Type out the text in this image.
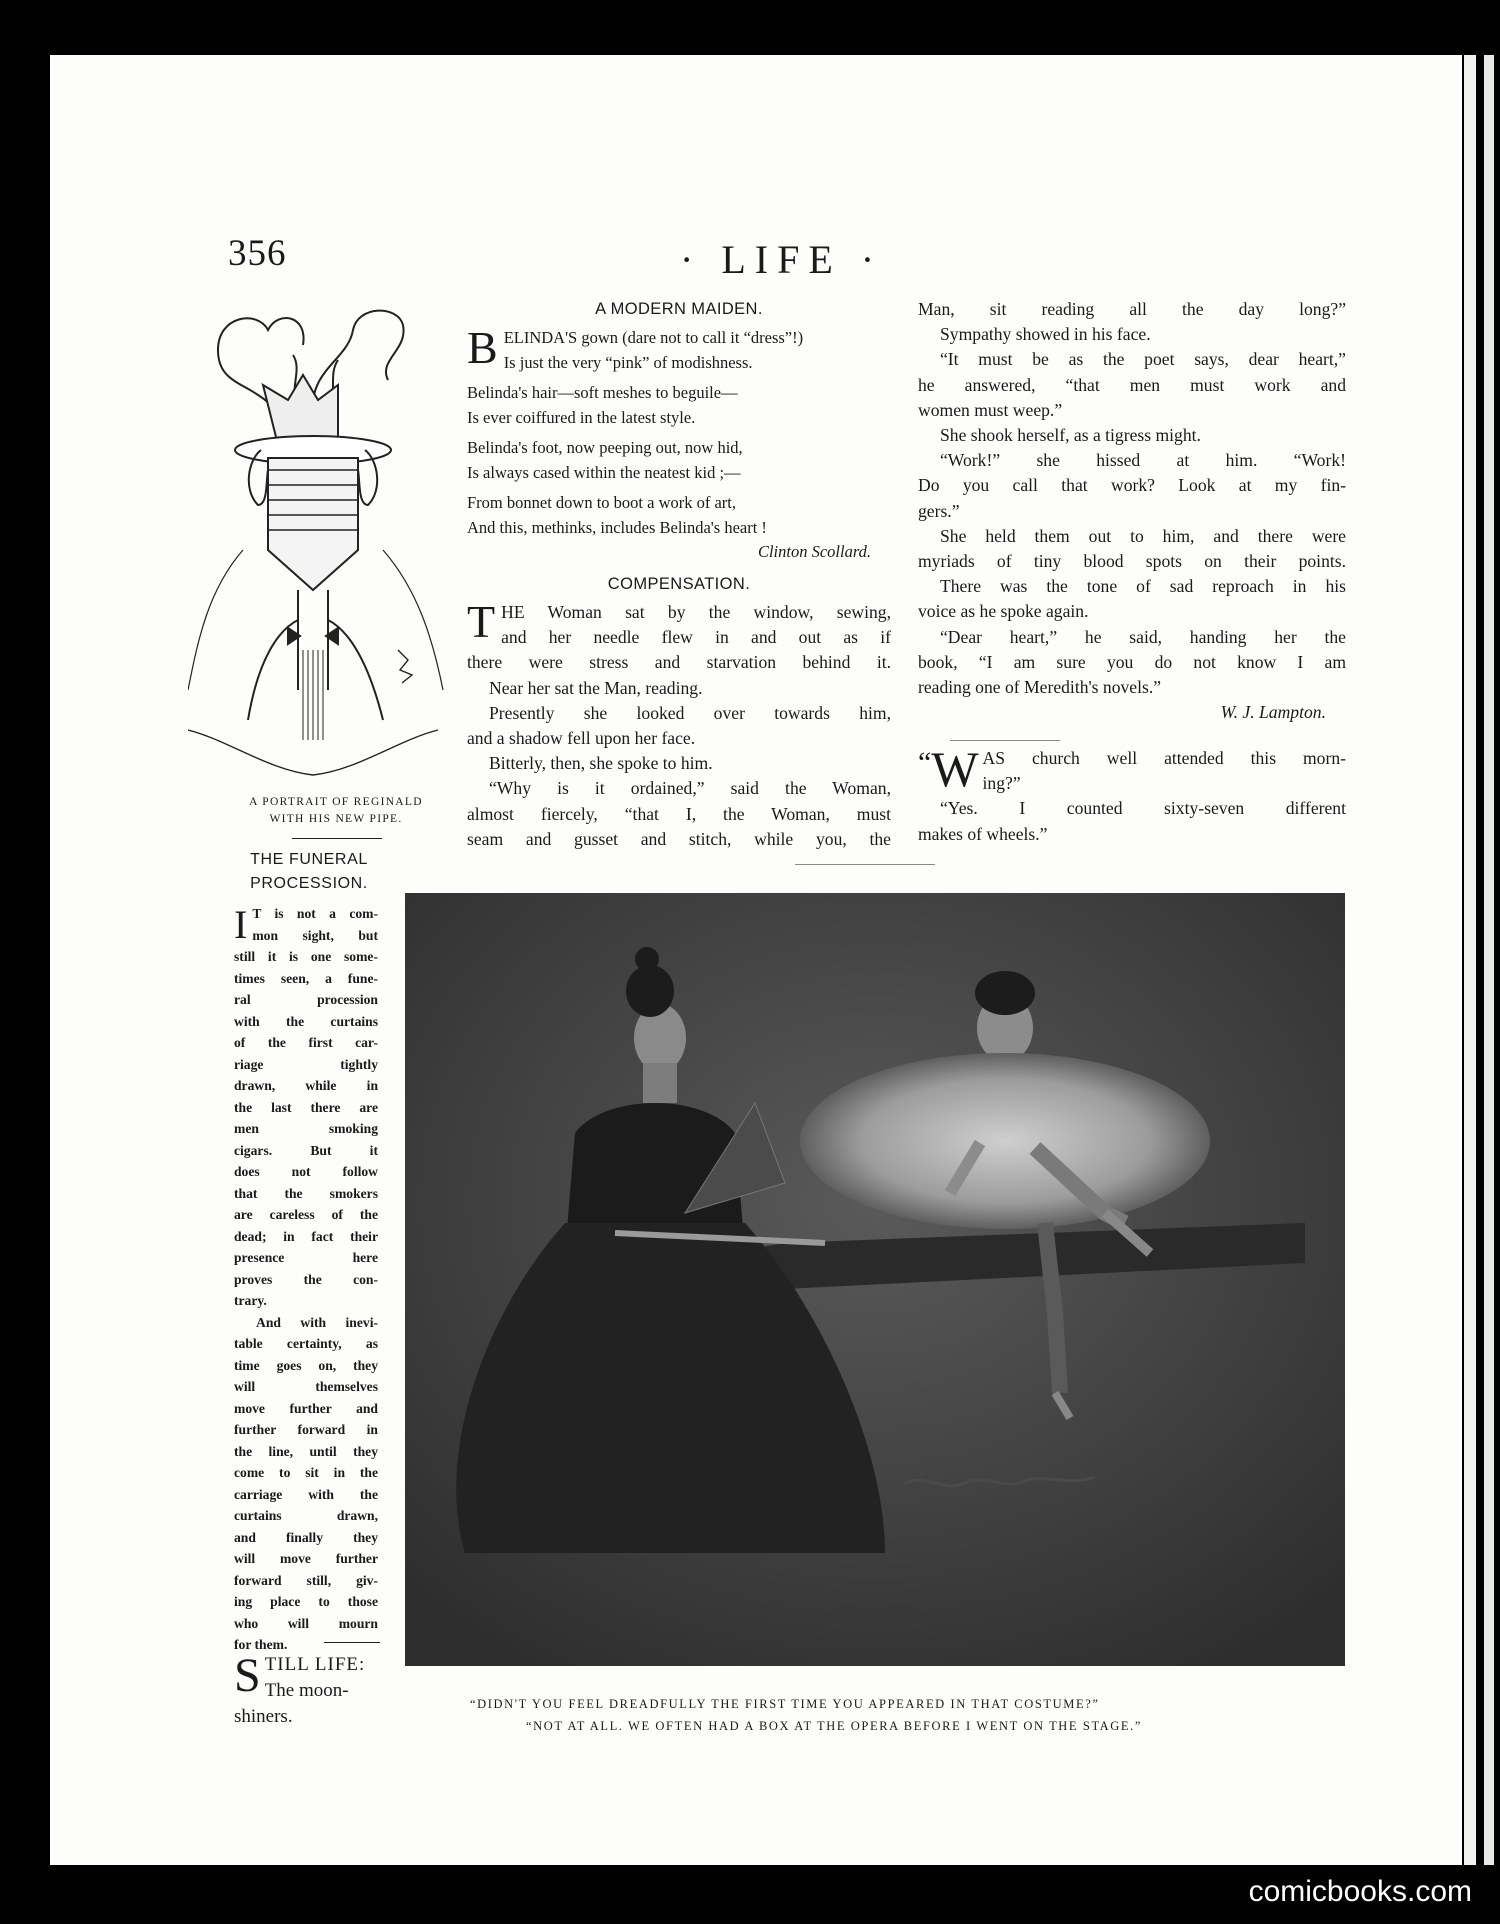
356	· LIFE ·
A PORTRAIT OF REGINALD
WITH HIS NEW PIPE.
A MODERN MAIDEN.
B ELINDA'S gown (dare not to call it “dress”!)

Is just the very “pink” of modishness.

Belinda's hair—soft meshes to beguile—

Is ever coiffured in the latest style.

Belinda's foot, now peeping out, now hid,

Is always cased within the neatest kid ;—

From bonnet down to boot a work of art,

And this, methinks, includes Belinda's heart !

Clinton Scollard.

COMPENSATION.
T HE Woman sat by the window, sewing,

and her needle flew in and out as if

there were stress and starvation behind it.

Near her sat the Man, reading.

Presently she looked over towards him,

and a shadow fell upon her face.

Bitterly, then, she spoke to him.

“Why is it ordained,” said the Woman,

almost fiercely, “that I, the Woman, must

seam and gusset and stitch, while you, the

Man, sit reading all the day long?”

Sympathy showed in his face.

“It must be as the poet says, dear heart,”

he answered, “that men must work and

women must weep.”

She shook herself, as a tigress might.

“Work!” she hissed at him. “Work!

Do you call that work? Look at my fin-

gers.”

She held them out to him, and there were

myriads of tiny blood spots on their points.

There was the tone of sad reproach in his

voice as he spoke again.

“Dear heart,” he said, handing her the

book, “I am sure you do not know I am

reading one of Meredith's novels.”

W. J. Lampton.

“ W AS church well attended this morn-

ing?”

“Yes. I counted sixty-seven different

makes of wheels.”

THE FUNERAL
PROCESSION.
I T is not a com-

mon sight, but

still it is one some-

times seen, a fune-

ral procession

with the curtains

of the first car-

riage tightly

drawn, while in

the last there are

men smoking

cigars. But it

does not follow

that the smokers

are careless of the

dead; in fact their

presence here

proves the con-

trary.

And with inevi-

table certainty, as

time goes on, they

will themselves

move further and

further forward in

the line, until they

come to sit in the

carriage with the

curtains drawn,

and finally they

will move further

forward still, giv-

ing place to those

who will mourn

for them.

S TILL LIFE:
The moon-
shiners.
“DIDN'T YOU FEEL DREADFULLY THE FIRST TIME YOU APPEARED IN THAT COSTUME?”
“NOT AT ALL. WE OFTEN HAD A BOX AT THE OPERA BEFORE I WENT ON THE STAGE.”
comicbooks.com
